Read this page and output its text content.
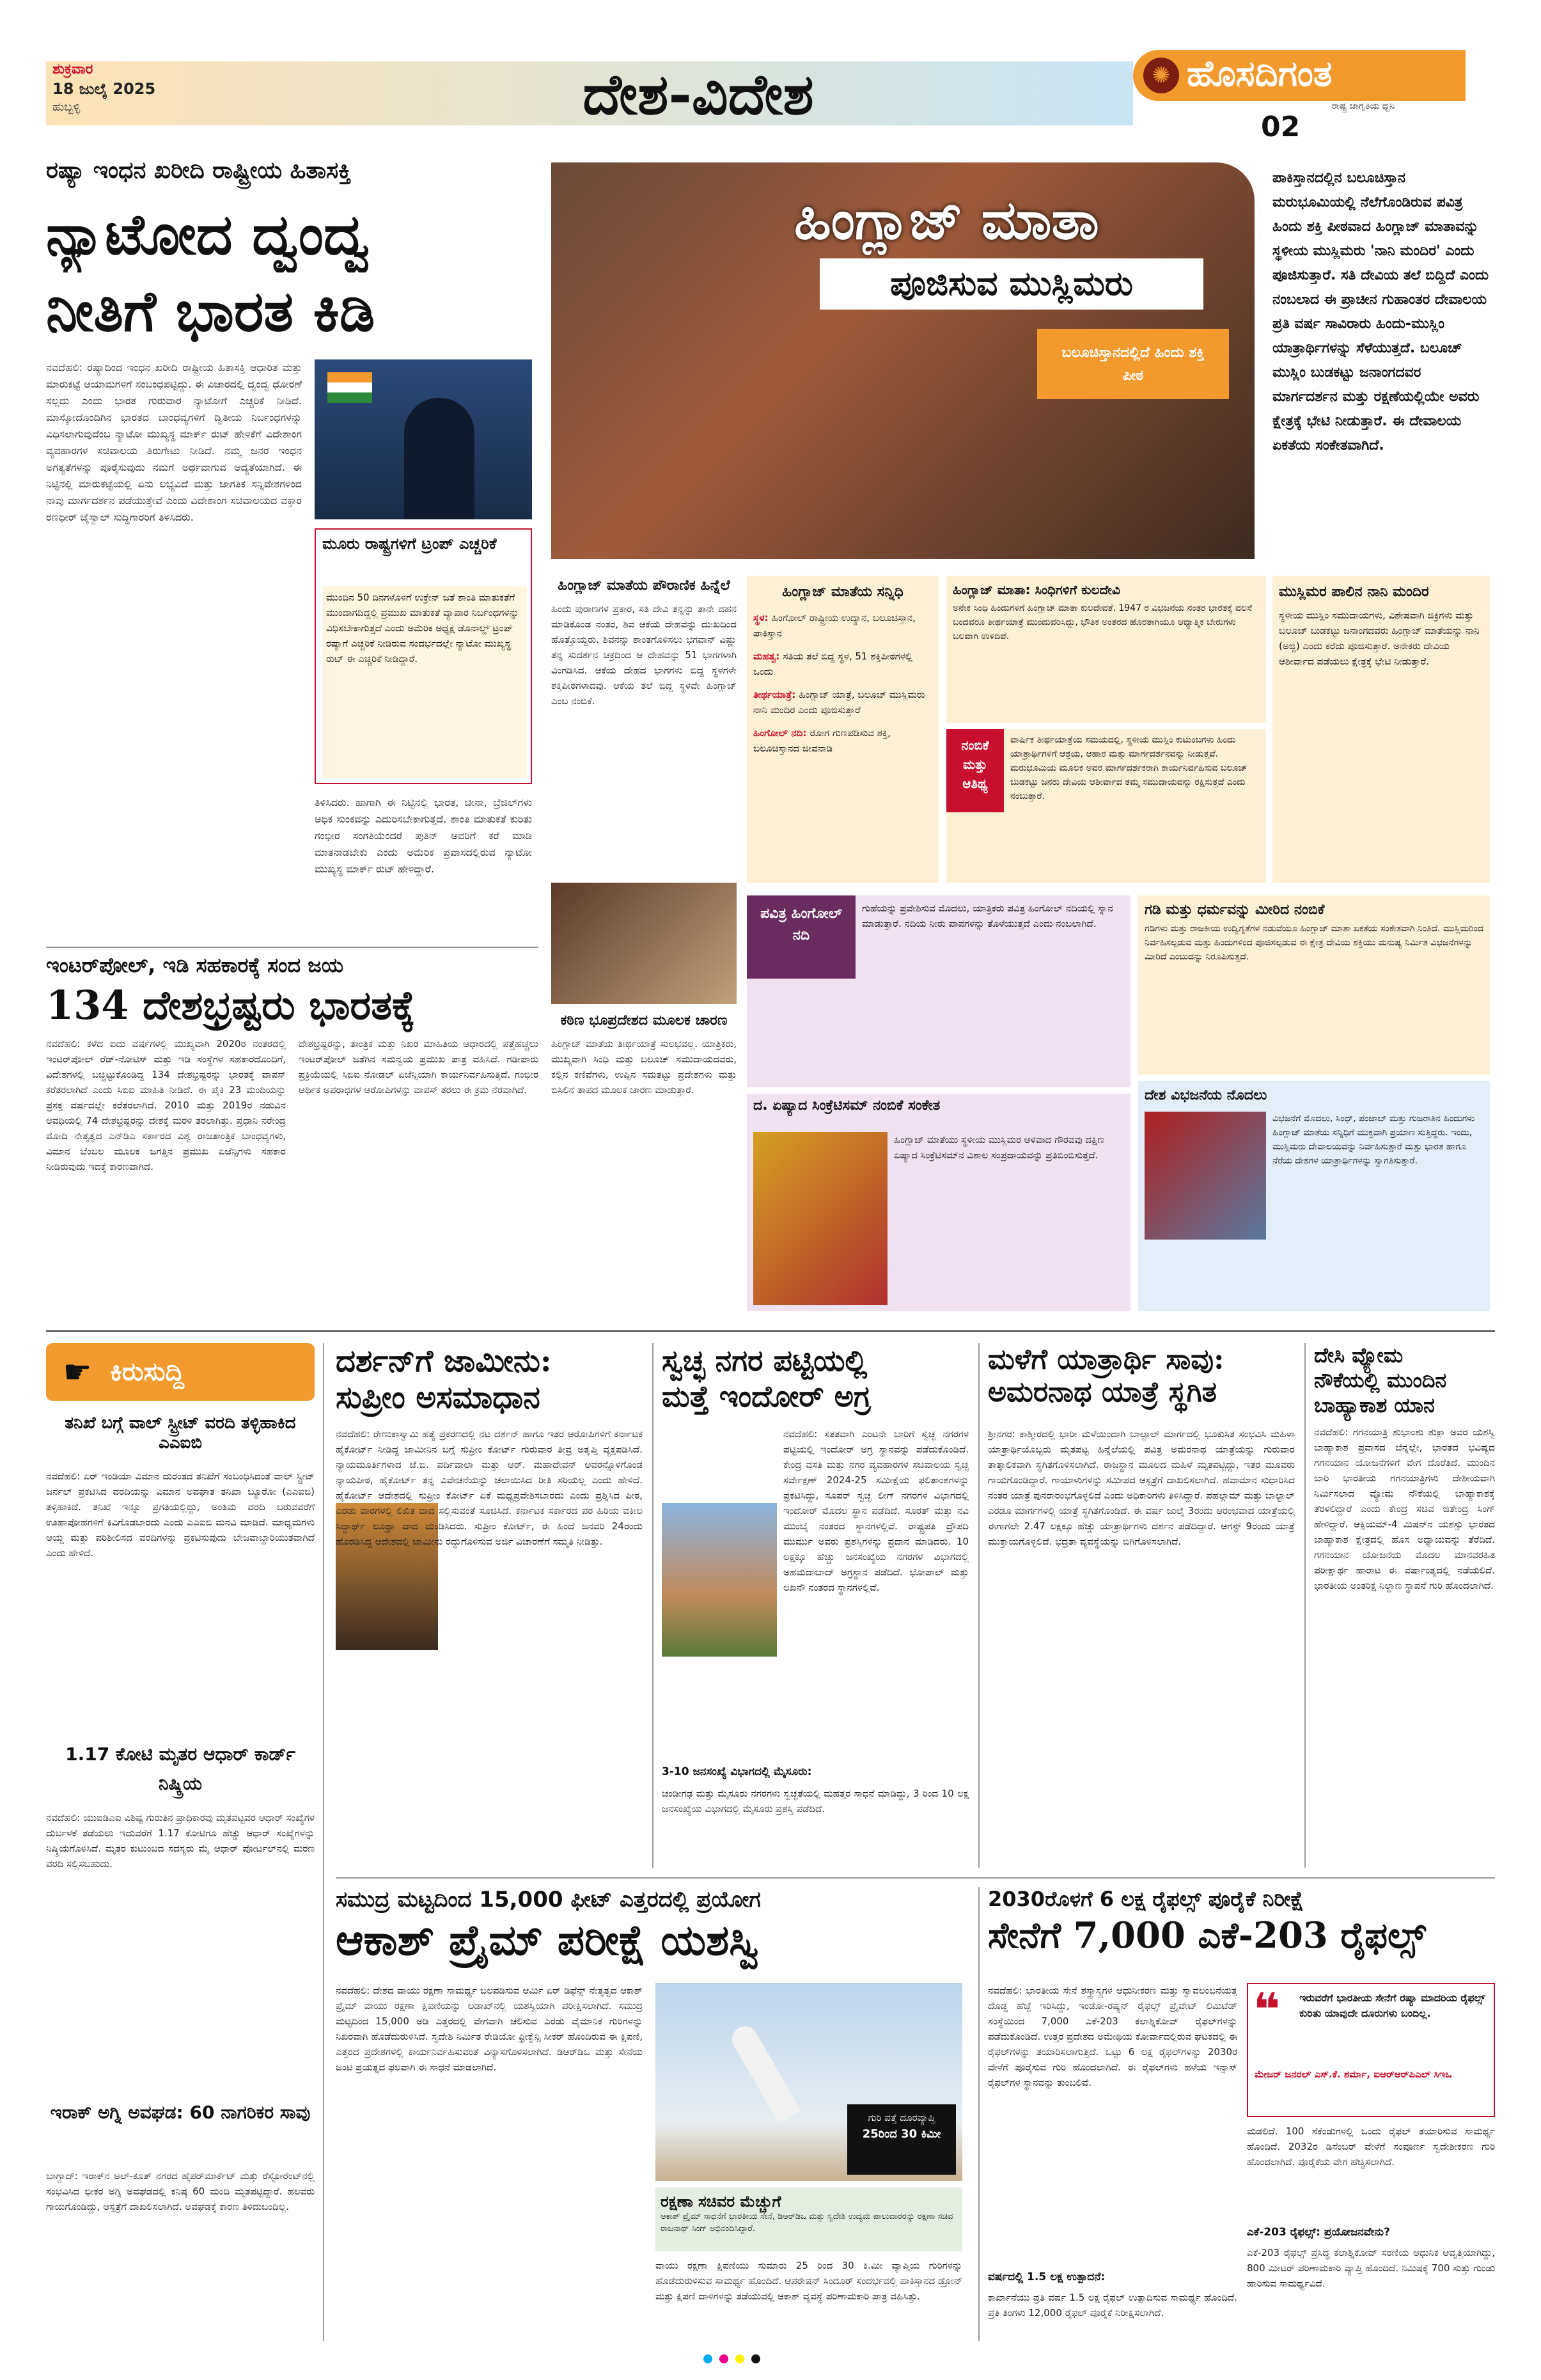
ಶುಕ್ರವಾರ
18 ಜುಲೈ 2025
ಹುಬ್ಬಳ್ಳಿ	ದೇಶ-ವಿದೇಶ	✺ ಹೊಸದಿಗಂತ
ರಾಷ್ಟ್ರ ಜಾಗೃತಿಯ ಧ್ವನಿ
02
ರಷ್ಯಾ ಇಂಧನ ಖರೀದಿ ರಾಷ್ಟ್ರೀಯ ಹಿತಾಸಕ್ತಿ
ನ್ಯಾಟೋದ ದ್ವಂದ್ವ
ನೀತಿಗೆ ಭಾರತ ಕಿಡಿ
ನವದೆಹಲಿ: ರಷ್ಯಾದಿಂದ ಇಂಧನ ಖರೀದಿ ರಾಷ್ಟ್ರೀಯ ಹಿತಾಸಕ್ತಿ ಆಧಾರಿತ ಮತ್ತು ಮಾರುಕಟ್ಟೆ ಆಯಾಮಗಳಿಗೆ ಸಂಬಂಧಪಟ್ಟಿದ್ದು. ಈ ವಿಚಾರದಲ್ಲಿ ದ್ವಂದ್ವ ಧೋರಣೆ ಸಲ್ಲದು ಎಂದು ಭಾರತ ಗುರುವಾರ ನ್ಯಾಟೋಗೆ ಎಚ್ಚರಿಕೆ ನೀಡಿದೆ. ಮಾಸ್ಕೋದೊಂದಿಗಿನ ಭಾರತದ ಬಾಂಧವ್ಯಗಳಿಗೆ ದ್ವಿತೀಯ ನಿರ್ಬಂಧಗಳನ್ನು ವಿಧಿಸಲಾಗುವುದೆಂಬ ನ್ಯಾಟೋ ಮುಖ್ಯಸ್ಥ ಮಾರ್ಕ್ ರುಟ್ ಹೇಳಿಕೆಗೆ ವಿದೇಶಾಂಗ ವ್ಯವಹಾರಗಳ ಸಚಿವಾಲಯ ತಿರುಗೇಟು ನೀಡಿದೆ. ನಮ್ಮ ಜನರ ಇಂಧನ ಅಗತ್ಯತೆಗಳನ್ನು ಪೂರೈಸುವುದು ನಮಗೆ ಅರ್ಥವಾಗುವ ಆದ್ಯತೆಯಾಗಿದೆ. ಈ ನಿಟ್ಟಿನಲ್ಲಿ ಮಾರುಕಟ್ಟೆಯಲ್ಲಿ ಏನು ಲಭ್ಯವಿದೆ ಮತ್ತು ಜಾಗತಿಕ ಸನ್ನಿವೇಶಗಳಿಂದ ನಾವು ಮಾರ್ಗದರ್ಶನ ಪಡೆಯುತ್ತೇವೆ ಎಂದು ವಿದೇಶಾಂಗ ಸಚಿವಾಲಯದ ವಕ್ತಾರ ರಣಧೀರ್ ಜೈಸ್ವಾಲ್ ಸುದ್ದಿಗಾರರಿಗೆ ತಿಳಿಸಿದರು.
ಮೂರು ರಾಷ್ಟ್ರಗಳಿಗೆ ಟ್ರಂಪ್ ಎಚ್ಚರಿಕೆ
ಮುಂದಿನ 50 ದಿನಗಳೊಳಗೆ ಉಕ್ರೇನ್ ಜತೆ ಶಾಂತಿ ಮಾತುಕತೆಗೆ ಮುಂದಾಗದಿದ್ದಲ್ಲಿ ಪ್ರಮುಖ ಮಾತುಕತೆ ವ್ಯಾಪಾರ ನಿರ್ಬಂಧಗಳನ್ನು ವಿಧಿಸಬೇಕಾಗುತ್ತದೆ ಎಂದು ಅಮೆರಿಕ ಅಧ್ಯಕ್ಷ ಡೊನಾಲ್ಡ್ ಟ್ರಂಪ್ ರಷ್ಯಾಗೆ ಎಚ್ಚರಿಕೆ ನೀಡಿರುವ ಸಂದರ್ಭದಲ್ಲೇ ನ್ಯಾಟೋ ಮುಖ್ಯಸ್ಥ ರುಟ್ ಈ ಎಚ್ಚರಿಕೆ ನೀಡಿದ್ದಾರೆ.
ತಿಳಿಸಿದರು. ಹಾಗಾಗಿ ಈ ನಿಟ್ಟಿನಲ್ಲಿ ಭಾರತ, ಚೀನಾ, ಬ್ರೆಜಿಲ್‌ಗಳು ಅಧಿಕ ಸುಂಕವನ್ನು ಎದುರಿಸಬೇಕಾಗುತ್ತದೆ. ಶಾಂತಿ ಮಾತುಕತೆ ಕುರಿತು ಗಂಭೀರ ಸಂಗತಿಯೆಂದರೆ ಪುತಿನ್ ಅವರಿಗೆ ಕರೆ ಮಾಡಿ ಮಾತನಾಡಬೇಕು ಎಂದು ಅಮೆರಿಕ ಪ್ರವಾಸದಲ್ಲಿರುವ ನ್ಯಾಟೋ ಮುಖ್ಯಸ್ಥ ಮಾರ್ಕ್ ರುಟ್ ಹೇಳಿದ್ದಾರೆ.
ಹಿಂಗ್ಲಾಜ್ ಮಾತಾ
ಪೂಜಿಸುವ ಮುಸ್ಲಿಮರು
ಬಲೂಚಿಸ್ತಾನದಲ್ಲಿದೆ ಹಿಂದು ಶಕ್ತಿ ಪೀಠ
ಪಾಕಿಸ್ತಾನದಲ್ಲಿನ ಬಲೂಚಿಸ್ತಾನ ಮರುಭೂಮಿಯಲ್ಲಿ ನೆಲೆಗೊಂಡಿರುವ ಪವಿತ್ರ ಹಿಂದು ಶಕ್ತಿ ಪೀಠವಾದ ಹಿಂಗ್ಲಾಜ್ ಮಾತಾವನ್ನು ಸ್ಥಳೀಯ ಮುಸ್ಲಿಮರು 'ನಾನಿ ಮಂದಿರ' ಎಂದು ಪೂಜಿಸುತ್ತಾರೆ. ಸತಿ ದೇವಿಯ ತಲೆ ಬಿದ್ದಿದೆ ಎಂದು ನಂಬಲಾದ ಈ ಪ್ರಾಚೀನ ಗುಹಾಂತರ ದೇವಾಲಯ ಪ್ರತಿ ವರ್ಷ ಸಾವಿರಾರು ಹಿಂದು-ಮುಸ್ಲಿಂ ಯಾತ್ರಾರ್ಥಿಗಳನ್ನು ಸೆಳೆಯುತ್ತದೆ. ಬಲೂಚ್ ಮುಸ್ಲಿಂ ಬುಡಕಟ್ಟು ಜನಾಂಗದವರ ಮಾರ್ಗದರ್ಶನ ಮತ್ತು ರಕ್ಷಣೆಯಲ್ಲಿಯೇ ಅವರು ಕ್ಷೇತ್ರಕ್ಕೆ ಭೇಟಿ ನೀಡುತ್ತಾರೆ. ಈ ದೇವಾಲಯ ಏಕತೆಯ ಸಂಕೇತವಾಗಿದೆ.
ಹಿಂಗ್ಲಾಜ್ ಮಾತೆಯ ಪೌರಾಣಿಕ ಹಿನ್ನೆಲೆ
ಹಿಂದು ಪುರಾಣಗಳ ಪ್ರಕಾರ, ಸತಿ ದೇವಿ ತನ್ನನ್ನು ತಾನೇ ದಹನ ಮಾಡಿಕೊಂಡ ನಂತರ, ಶಿವ ಆಕೆಯ ದೇಹವನ್ನು ದುಃಖದಿಂದ ಹೊತ್ತೊಯ್ದರು. ಶಿವನನ್ನು ಶಾಂತಗೊಳಿಸಲು ಭಗವಾನ್ ವಿಷ್ಣು ತನ್ನ ಸುದರ್ಶನ ಚಕ್ರದಿಂದ ಆ ದೇಹವನ್ನು 51 ಭಾಗಗಳಾಗಿ ವಿಂಗಡಿಸಿದ. ಆಕೆಯ ದೇಹದ ಭಾಗಗಳು ಬಿದ್ದ ಸ್ಥಳಗಳೇ ಶಕ್ತಿಪೀಠಗಳಾದವು. ಆಕೆಯ ತಲೆ ಬಿದ್ದ ಸ್ಥಳವೇ ಹಿಂಗ್ಲಾಜ್ ಎಂಬ ನಂಬಿಕೆ.
ಕಠಿಣ ಭೂಪ್ರದೇಶದ ಮೂಲಕ ಚಾರಣ
ಹಿಂಗ್ಲಾಜ್ ಮಾತೆಯ ತೀರ್ಥಯಾತ್ರೆ ಸುಲಭವಲ್ಲ. ಯಾತ್ರಿಕರು, ಮುಖ್ಯವಾಗಿ ಸಿಂಧಿ ಮತ್ತು ಬಲೂಚ್ ಸಮುದಾಯದವರು, ಕಲ್ಲಿನ ಕಣಿವೆಗಳು, ಉಪ್ಪಿನ ಸಮತಟ್ಟು ಪ್ರದೇಶಗಳು ಮತ್ತು ಬಿಸಿಲಿನ ತಾಪದ ಮೂಲಕ ಚಾರಣ ಮಾಡುತ್ತಾರೆ.
ಹಿಂಗ್ಲಾಜ್ ಮಾತೆಯ ಸನ್ನಿಧಿ
ಸ್ಥಳ: ಹಿಂಗೋಲ್ ರಾಷ್ಟ್ರೀಯ ಉದ್ಯಾನ, ಬಲೂಚಿಸ್ತಾನ, ಪಾಕಿಸ್ತಾನ
ಮಹತ್ವ: ಸತಿಯ ತಲೆ ಬಿದ್ದ ಸ್ಥಳ, 51 ಶಕ್ತಿಪೀಠಗಳಲ್ಲಿ ಒಂದು
ತೀರ್ಥಯಾತ್ರೆ: ಹಿಂಗ್ಲಾಜ್ ಯಾತ್ರೆ, ಬಲೂಚ್ ಮುಸ್ಲಿಮರು ನಾನಿ ಮಂದಿರ ಎಂದು ಪೂಜಿಸುತ್ತಾರೆ
ಹಿಂಗೋಲ್ ನದಿ: ರೋಗ ಗುಣಪಡಿಸುವ ಶಕ್ತಿ, ಬಲೂಚಿಸ್ತಾನದ ಜೀವನಾಡಿ
ಹಿಂಗ್ಲಾಜ್ ಮಾತಾ: ಸಿಂಧಿಗಳಿಗೆ ಕುಲದೇವಿ
ಅನೇಕ ಸಿಂಧಿ ಹಿಂದುಗಳಿಗೆ ಹಿಂಗ್ಲಾಜ್ ಮಾತಾ ಕುಲದೇವತೆ. 1947 ರ ವಿಭಜನೆಯ ನಂತರ ಭಾರತಕ್ಕೆ ವಲಸೆ ಬಂದವರೂ ತೀರ್ಥಯಾತ್ರೆ ಮುಂದುವರಿಸಿದ್ದು, ಭೌತಿಕ ಅಂತರದ ಹೊರತಾಗಿಯೂ ಆಧ್ಯಾತ್ಮಿಕ ಬೇರುಗಳು ಬಲವಾಗಿ ಉಳಿದಿವೆ.
ನಂಬಿಕೆ ಮತ್ತು ಆತಿಥ್ಯ
ವಾರ್ಷಿಕ ತೀರ್ಥಯಾತ್ರೆಯ ಸಮಯದಲ್ಲಿ, ಸ್ಥಳೀಯ ಮುಸ್ಲಿಂ ಕುಟುಂಬಗಳು ಹಿಂದು ಯಾತ್ರಾರ್ಥಿಗಳಿಗೆ ಆಶ್ರಯ, ಆಹಾರ ಮತ್ತು ಮಾರ್ಗದರ್ಶನವನ್ನು ನೀಡುತ್ತವೆ. ಮರುಭೂಮಿಯ ಮೂಲಕ ಅವರ ಮಾರ್ಗದರ್ಶಕರಾಗಿ ಕಾರ್ಯನಿರ್ವಹಿಸುವ ಬಲೂಚ್ ಬುಡಕಟ್ಟು ಜನರು ದೇವಿಯ ಆಶೀರ್ವಾದ ತಮ್ಮ ಸಮುದಾಯವನ್ನು ರಕ್ಷಿಸುತ್ತದೆ ಎಂದು ನಂಬುತ್ತಾರೆ.
ಮುಸ್ಲಿಮರ ಪಾಲಿನ ನಾನಿ ಮಂದಿರ
ಸ್ಥಳೀಯ ಮುಸ್ಲಿಂ ಸಮುದಾಯಗಳು, ವಿಶೇಷವಾಗಿ ಜಿಕ್ರಿಗಳು ಮತ್ತು ಬಲೂಚ್ ಬುಡಕಟ್ಟು ಜನಾಂಗದವರು ಹಿಂಗ್ಲಾಜ್ ಮಾತೆಯನ್ನು ನಾನಿ (ಅಜ್ಜಿ) ಎಂದು ಕರೆದು ಪೂಜಿಸುತ್ತಾರೆ. ಅನೇಕರು ದೇವಿಯ ಆಶೀರ್ವಾದ ಪಡೆಯಲು ಕ್ಷೇತ್ರಕ್ಕೆ ಭೇಟಿ ನೀಡುತ್ತಾರೆ.
ಪವಿತ್ರ ಹಿಂಗೋಲ್ ನದಿ
ಗುಹೆಯನ್ನು ಪ್ರವೇಶಿಸುವ ಮೊದಲು, ಯಾತ್ರಿಕರು ಪವಿತ್ರ ಹಿಂಗೋಲ್ ನದಿಯಲ್ಲಿ ಸ್ನಾನ ಮಾಡುತ್ತಾರೆ. ನದಿಯ ನೀರು ಪಾಪಗಳನ್ನು ತೊಳೆಯುತ್ತದೆ ಎಂದು ನಂಬಲಾಗಿದೆ.
ದ. ಏಷ್ಯಾದ ಸಿಂಕ್ರೆಟಿಸಮ್ ನಂಬಿಕೆ ಸಂಕೇತ
ಹಿಂಗ್ಲಾಜ್ ಮಾತೆಯು ಸ್ಥಳೀಯ ಮುಸ್ಲಿಮರ ಆಳವಾದ ಗೌರವವು ದಕ್ಷಿಣ ಏಷ್ಯಾದ ಸಿಂಕ್ರೆಟಿಸಮ್‌ನ ವಿಶಾಲ ಸಂಪ್ರದಾಯವನ್ನು ಪ್ರತಿಬಿಂಬಿಸುತ್ತದೆ.
ಗಡಿ ಮತ್ತು ಧರ್ಮವನ್ನು ಮೀರಿದ ನಂಬಿಕೆ
ಗಡಿಗಳು ಮತ್ತು ರಾಜಕೀಯ ಉದ್ವಿಗ್ನತೆಗಳ ನಡುವೆಯೂ ಹಿಂಗ್ಲಾಜ್ ಮಾತಾ ಏಕತೆಯ ಸಂಕೇತವಾಗಿ ನಿಂತಿದೆ. ಮುಸ್ಲಿಮರಿಂದ ನಿರ್ವಹಿಸಲ್ಪಡುವ ಮತ್ತು ಹಿಂದುಗಳಿಂದ ಪೂಜಿಸಲ್ಪಡುವ ಈ ಕ್ಷೇತ್ರ ದೇವಿಯ ಶಕ್ತಿಯು ಮನುಷ್ಯ ನಿರ್ಮಿತ ವಿಭಜನೆಗಳನ್ನು ಮೀರಿದೆ ಎಂಬುದನ್ನು ನಿರೂಪಿಸುತ್ತದೆ.
ದೇಶ ವಿಭಜನೆಯ ನೊದಲು
ವಿಭಜನೆಗೆ ಮೊದಲು, ಸಿಂಧ್, ಪಂಜಾಬ್ ಮತ್ತು ಗುಜರಾತಿನ ಹಿಂದುಗಳು ಹಿಂಗ್ಲಾಜ್ ಮಾತೆಯ ಸನ್ನಿಧಿಗೆ ಮುಕ್ತವಾಗಿ ಪ್ರಯಾಣ ಸುತ್ತಿದ್ದರು. ಇಂದು, ಮುಸ್ಲಿಮರು ದೇವಾಲಯವನ್ನು ನಿರ್ವಹಿಸುತ್ತಾರೆ ಮತ್ತು ಭಾರತ ಹಾಗೂ ನೆರೆಯ ದೇಶಗಳ ಯಾತ್ರಾರ್ಥಿಗಳನ್ನು ಸ್ವಾಗತಿಸುತ್ತಾರೆ.
ಇಂಟರ್‌ಪೋಲ್, ಇಡಿ ಸಹಕಾರಕ್ಕೆ ಸಂದ ಜಯ
134 ದೇಶಭ್ರಷ್ಟರು ಭಾರತಕ್ಕೆ
ನವದೆಹಲಿ: ಕಳೆದ ಐದು ವರ್ಷಗಳಲ್ಲಿ ಮುಖ್ಯವಾಗಿ 2020ರ ನಂತರದಲ್ಲಿ ಇಂಟರ್‌ಪೋಲ್ ರೆಡ್-ನೋಟಿಸ್ ಮತ್ತು ಇಡಿ ಸಂಸ್ಥೆಗಳ ಸಹಕಾರದೊಂದಿಗೆ, ವಿದೇಶಗಳಲ್ಲಿ ಬಚ್ಚಿಟ್ಟುಕೊಂಡಿದ್ದ 134 ದೇಶಭ್ರಷ್ಟರನ್ನು ಭಾರತಕ್ಕೆ ವಾಪಸ್ ಕರೆತರಲಾಗಿದೆ ಎಂದು ಸಿಬಿಐ ಮಾಹಿತಿ ನೀಡಿದೆ. ಈ ಪೈಕಿ 23 ಮಂದಿಯನ್ನು ಪ್ರಸಕ್ತ ವರ್ಷದಲ್ಲೇ ಕರೆತರಲಾಗಿದೆ. 2010 ಮತ್ತು 2019ರ ನಡುವಿನ ಅವಧಿಯಲ್ಲಿ 74 ದೇಶಭ್ರಷ್ಟರನ್ನು ದೇಶಕ್ಕೆ ಮರಳಿ ತರಲಾಗಿತ್ತು. ಪ್ರಧಾನಿ ನರೇಂದ್ರ ಮೋದಿ ನೇತೃತ್ವದ ಎನ್‌ಡಿಎ ಸರ್ಕಾರದ ವಿಶ್ವ ರಾಜತಾಂತ್ರಿಕ ಬಾಂಧವ್ಯಗಳು, ವಿಮಾನ ಬೆಂಬಲ ಮೂಲಕ ಜಗತ್ತಿನ ಪ್ರಮುಖ ಏಜೆನ್ಸಿಗಳು ಸಹಕಾರ ನೀಡಿರುವುದು ಇದಕ್ಕೆ ಕಾರಣವಾಗಿದೆ.
ದೇಶಭ್ರಷ್ಟರನ್ನು, ತಾಂತ್ರಿಕ ಮತ್ತು ನಿಖರ ಮಾಹಿತಿಯ ಆಧಾರದಲ್ಲಿ ಪತ್ತೆಹಚ್ಚಲು ಇಂಟರ್‌ಪೋಲ್ ಜತೆಗಿನ ಸಮನ್ವಯ ಪ್ರಮುಖ ಪಾತ್ರ ವಹಿಸಿದೆ. ಗಡೀಪಾರು ಪ್ರಕ್ರಿಯೆಯಲ್ಲಿ ಸಿಬಿಐ ನೋಡಲ್ ಏಜೆನ್ಸಿಯಾಗಿ ಕಾರ್ಯನಿರ್ವಹಿಸುತ್ತಿದೆ. ಗಂಭೀರ ಆರ್ಥಿಕ ಅಪರಾಧಗಳ ಆರೋಪಿಗಳನ್ನು ವಾಪಸ್ ತರಲು ಈ ಕ್ರಮ ನೆರವಾಗಿದೆ.
☛ ಕಿರುಸುದ್ದಿ
ತನಿಖೆ ಬಗ್ಗೆ ವಾಲ್ ಸ್ಟ್ರೀಟ್ ವರದಿ ತಳ್ಳಿಹಾಕಿದ ಎಎಐಬಿ
ನವದೆಹಲಿ: ಏರ್ ಇಂಡಿಯಾ ವಿಮಾನ ದುರಂತದ ತನಿಖೆಗೆ ಸಂಬಂಧಿಸಿದಂತೆ ವಾಲ್ ಸ್ಟ್ರೀಟ್ ಜರ್ನಲ್ ಪ್ರಕಟಿಸಿದ ವರದಿಯನ್ನು ವಿಮಾನ ಅಪಘಾತ ತನಿಖಾ ಬ್ಯೂರೋ (ಎಎಐಬಿ) ತಳ್ಳಿಹಾಕಿದೆ. ತನಿಖೆ ಇನ್ನೂ ಪ್ರಗತಿಯಲ್ಲಿದ್ದು, ಅಂತಿಮ ವರದಿ ಬರುವವರೆಗೆ ಊಹಾಪೋಹಗಳಿಗೆ ಕಿವಿಗೊಡಬಾರದು ಎಂದು ಎಎಐಬಿ ಮನವಿ ಮಾಡಿದೆ. ಮಾಧ್ಯಮಗಳು ಆಯ್ದ ಮತ್ತು ಪರಿಶೀಲಿಸದ ವರದಿಗಳನ್ನು ಪ್ರಕಟಿಸುವುದು ಬೇಜವಾಬ್ದಾರಿಯುತವಾಗಿದೆ ಎಂದು ಹೇಳಿದೆ.
1.17 ಕೋಟಿ ಮೃತರ ಆಧಾರ್ ಕಾರ್ಡ್ ನಿಷ್ಕ್ರಿಯ
ನವದೆಹಲಿ: ಯುಐಡಿಎಐ ವಿಶಿಷ್ಟ ಗುರುತಿನ ಪ್ರಾಧಿಕಾರವು ಮೃತಪಟ್ಟವರ ಆಧಾರ್ ಸಂಖ್ಯೆಗಳ ದುರ್ಬಳಕೆ ತಡೆಯಲು ಇದುವರೆಗೆ 1.17 ಕೋಟಿಗೂ ಹೆಚ್ಚು ಆಧಾರ್ ಸಂಖ್ಯೆಗಳನ್ನು ನಿಷ್ಕ್ರಿಯಗೊಳಿಸಿದೆ. ಮೃತರ ಕುಟುಂಬದ ಸದಸ್ಯರು ಮೈ ಆಧಾರ್ ಪೋರ್ಟಲ್‌ನಲ್ಲಿ ಮರಣ ವರದಿ ಸಲ್ಲಿಸಬಹುದು.
ಇರಾಕ್ ಅಗ್ನಿ ಅವಘಡ: 60 ನಾಗರಿಕರ ಸಾವು
ಬಾಗ್ದಾದ್: ಇರಾಕ್‌ನ ಅಲ್-ಕೂತ್ ನಗರದ ಹೈಪರ್‌ಮಾರ್ಕೆಟ್ ಮತ್ತು ರೆಸ್ಟೋರೆಂಟ್‌ನಲ್ಲಿ ಸಂಭವಿಸಿದ ಭೀಕರ ಅಗ್ನಿ ಅವಘಡದಲ್ಲಿ ಕನಿಷ್ಠ 60 ಮಂದಿ ಮೃತಪಟ್ಟಿದ್ದಾರೆ. ಹಲವರು ಗಾಯಗೊಂಡಿದ್ದು, ಆಸ್ಪತ್ರೆಗೆ ದಾಖಲಿಸಲಾಗಿದೆ. ಅವಘಡಕ್ಕೆ ಕಾರಣ ತಿಳಿದುಬಂದಿಲ್ಲ.
ದರ್ಶನ್‌ಗೆ ಜಾಮೀನು:
ಸುಪ್ರೀಂ ಅಸಮಾಧಾನ
ನವದೆಹಲಿ: ರೇಣುಕಾಸ್ವಾಮಿ ಹತ್ಯೆ ಪ್ರಕರಣದಲ್ಲಿ ನಟ ದರ್ಶನ್ ಹಾಗೂ ಇತರ ಆರೋಪಿಗಳಿಗೆ ಕರ್ನಾಟಕ ಹೈಕೋರ್ಟ್ ನೀಡಿದ್ದ ಜಾಮೀನಿನ ಬಗ್ಗೆ ಸುಪ್ರೀಂ ಕೋರ್ಟ್ ಗುರುವಾರ ತೀವ್ರ ಅತೃಪ್ತಿ ವ್ಯಕ್ತಪಡಿಸಿದೆ. ನ್ಯಾಯಮೂರ್ತಿಗಳಾದ ಜೆ.ಬಿ. ಪರ್ದಿವಾಲಾ ಮತ್ತು ಆರ್. ಮಹಾದೇವನ್ ಅವರನ್ನೊಳಗೊಂಡ ನ್ಯಾಯಪೀಠ, ಹೈಕೋರ್ಟ್ ತನ್ನ ವಿವೇಚನೆಯನ್ನು ಚಲಾಯಿಸಿದ ರೀತಿ ಸರಿಯಲ್ಲ ಎಂದು ಹೇಳಿದೆ. ಹೈಕೋರ್ಟ್ ಆದೇಶದಲ್ಲಿ ಸುಪ್ರೀಂ ಕೋರ್ಟ್ ಏಕೆ ಮಧ್ಯಪ್ರವೇಶಿಸಬಾರದು ಎಂದು ಪ್ರಶ್ನಿಸಿದ ಪೀಠ, ಎರಡು ವಾರಗಳಲ್ಲಿ ಲಿಖಿತ ವಾದ ಸಲ್ಲಿಸುವಂತೆ ಸೂಚಿಸಿದೆ. ಕರ್ನಾಟಕ ಸರ್ಕಾರದ ಪರ ಹಿರಿಯ ವಕೀಲ ಸಿದ್ಧಾರ್ಥ್ ಲೂಥ್ರಾ ವಾದ ಮಂಡಿಸಿದರು. ಸುಪ್ರೀಂ ಕೋರ್ಟ್, ಈ ಹಿಂದೆ ಜನವರಿ 24ರಂದು ಹೊರಡಿಸಿದ್ದ ಆದೇಶದಲ್ಲಿ ಜಾಮೀನು ರದ್ದುಗೊಳಿಸುವ ಅರ್ಜಿ ವಿಚಾರಣೆಗೆ ಸಮ್ಮತಿ ನೀಡಿತ್ತು.
ಸ್ವಚ್ಛ ನಗರ ಪಟ್ಟಿಯಲ್ಲಿ
ಮತ್ತೆ ಇಂದೋರ್ ಅಗ್ರ
ನವದೆಹಲಿ: ಸತತವಾಗಿ ಎಂಟನೇ ಬಾರಿಗೆ ಸ್ವಚ್ಛ ನಗರಗಳ ಪಟ್ಟಿಯಲ್ಲಿ ಇಂದೋರ್ ಅಗ್ರ ಸ್ಥಾನವನ್ನು ಪಡೆದುಕೊಂಡಿದೆ. ಕೇಂದ್ರ ವಸತಿ ಮತ್ತು ನಗರ ವ್ಯವಹಾರಗಳ ಸಚಿವಾಲಯ ಸ್ವಚ್ಛ ಸರ್ವೇಕ್ಷಣ್ 2024-25 ಸಮೀಕ್ಷೆಯ ಫಲಿತಾಂಶಗಳನ್ನು ಪ್ರಕಟಿಸಿದ್ದು, ಸೂಪರ್ ಸ್ವಚ್ಛ ಲೀಗ್ ನಗರಗಳ ವಿಭಾಗದಲ್ಲಿ ಇಂದೋರ್ ಮೊದಲ ಸ್ಥಾನ ಪಡೆದಿದೆ. ಸೂರತ್ ಮತ್ತು ನವಿ ಮುಂಬೈ ನಂತರದ ಸ್ಥಾನಗಳಲ್ಲಿವೆ. ರಾಷ್ಟ್ರಪತಿ ದ್ರೌಪದಿ ಮುರ್ಮು ಅವರು ಪ್ರಶಸ್ತಿಗಳನ್ನು ಪ್ರದಾನ ಮಾಡಿದರು. 10 ಲಕ್ಷಕ್ಕೂ ಹೆಚ್ಚು ಜನಸಂಖ್ಯೆಯ ನಗರಗಳ ವಿಭಾಗದಲ್ಲಿ ಅಹಮದಾಬಾದ್ ಅಗ್ರಸ್ಥಾನ ಪಡೆದಿದೆ. ಭೋಪಾಲ್ ಮತ್ತು ಲಖನೌ ನಂತರದ ಸ್ಥಾನಗಳಲ್ಲಿವೆ.
3-10 ಜನಸಂಖ್ಯೆ ವಿಭಾಗದಲ್ಲಿ ಮೈಸೂರು:
ಚಂಡೀಗಢ ಮತ್ತು ಮೈಸೂರು ನಗರಗಳು ಸ್ವಚ್ಛತೆಯಲ್ಲಿ ಮಹತ್ತರ ಸಾಧನೆ ಮಾಡಿದ್ದು, 3 ರಿಂದ 10 ಲಕ್ಷ ಜನಸಂಖ್ಯೆಯ ವಿಭಾಗದಲ್ಲಿ ಮೈಸೂರು ಪ್ರಶಸ್ತಿ ಪಡೆದಿದೆ.
ಮಳೆಗೆ ಯಾತ್ರಾರ್ಥಿ ಸಾವು:
ಅಮರನಾಥ ಯಾತ್ರೆ ಸ್ಥಗಿತ
ಶ್ರೀನಗರ: ಕಾಶ್ಮೀರದಲ್ಲಿ ಭಾರೀ ಮಳೆಯಿಂದಾಗಿ ಬಾಲ್ಟಾಲ್ ಮಾರ್ಗದಲ್ಲಿ ಭೂಕುಸಿತ ಸಂಭವಿಸಿ ಮಹಿಳಾ ಯಾತ್ರಾರ್ಥಿಯೊಬ್ಬರು ಮೃತಪಟ್ಟ ಹಿನ್ನೆಲೆಯಲ್ಲಿ ಪವಿತ್ರ ಅಮರನಾಥ ಯಾತ್ರೆಯನ್ನು ಗುರುವಾರ ತಾತ್ಕಾಲಿಕವಾಗಿ ಸ್ಥಗಿತಗೊಳಿಸಲಾಗಿದೆ. ರಾಜಸ್ಥಾನ ಮೂಲದ ಮಹಿಳೆ ಮೃತಪಟ್ಟಿದ್ದು, ಇತರ ಮೂವರು ಗಾಯಗೊಂಡಿದ್ದಾರೆ. ಗಾಯಾಳುಗಳನ್ನು ಸಮೀಪದ ಆಸ್ಪತ್ರೆಗೆ ದಾಖಲಿಸಲಾಗಿದೆ. ಹವಾಮಾನ ಸುಧಾರಿಸಿದ ನಂತರ ಯಾತ್ರೆ ಪುನರಾರಂಭಗೊಳ್ಳಲಿದೆ ಎಂದು ಅಧಿಕಾರಿಗಳು ತಿಳಿಸಿದ್ದಾರೆ. ಪಹಲ್ಗಾಮ್ ಮತ್ತು ಬಾಲ್ಟಾಲ್ ಎರಡೂ ಮಾರ್ಗಗಳಲ್ಲಿ ಯಾತ್ರೆ ಸ್ಥಗಿತಗೊಂಡಿದೆ. ಈ ವರ್ಷ ಜುಲೈ 3ರಂದು ಆರಂಭವಾದ ಯಾತ್ರೆಯಲ್ಲಿ ಈಗಾಗಲೇ 2.47 ಲಕ್ಷಕ್ಕೂ ಹೆಚ್ಚು ಯಾತ್ರಾರ್ಥಿಗಳು ದರ್ಶನ ಪಡೆದಿದ್ದಾರೆ. ಆಗಸ್ಟ್ 9ರಂದು ಯಾತ್ರೆ ಮುಕ್ತಾಯಗೊಳ್ಳಲಿದೆ. ಭದ್ರತಾ ವ್ಯವಸ್ಥೆಯನ್ನು ಬಿಗಿಗೊಳಿಸಲಾಗಿದೆ.
ದೇಸಿ ವ್ಯೋಮ
ನೌಕೆಯಲ್ಲಿ ಮುಂದಿನ
ಬಾಹ್ಯಾಕಾಶ ಯಾನ
ನವದೆಹಲಿ: ಗಗನಯಾತ್ರಿ ಶುಭಾಂಶು ಶುಕ್ಲಾ ಅವರ ಯಶಸ್ವಿ ಬಾಹ್ಯಾಕಾಶ ಪ್ರವಾಸದ ಬೆನ್ನಲ್ಲೇ, ಭಾರತದ ಭವಿಷ್ಯದ ಗಗನಯಾನ ಯೋಜನೆಗಳಿಗೆ ವೇಗ ದೊರೆತಿದೆ. ಮುಂದಿನ ಬಾರಿ ಭಾರತೀಯ ಗಗನಯಾತ್ರಿಗಳು ದೇಶೀಯವಾಗಿ ನಿರ್ಮಿಸಲಾದ ವ್ಯೋಮ ನೌಕೆಯಲ್ಲಿ ಬಾಹ್ಯಾಕಾಶಕ್ಕೆ ತೆರಳಲಿದ್ದಾರೆ ಎಂದು ಕೇಂದ್ರ ಸಚಿವ ಜಿತೇಂದ್ರ ಸಿಂಗ್ ಹೇಳಿದ್ದಾರೆ. ಆಕ್ಸಿಯಮ್-4 ಮಿಷನ್‌ನ ಯಶಸ್ಸು ಭಾರತದ ಬಾಹ್ಯಾಕಾಶ ಕ್ಷೇತ್ರದಲ್ಲಿ ಹೊಸ ಅಧ್ಯಾಯವನ್ನು ತೆರೆದಿದೆ. ಗಗನಯಾನ ಯೋಜನೆಯ ಮೊದಲ ಮಾನವರಹಿತ ಪರೀಕ್ಷಾರ್ಥ ಹಾರಾಟ ಈ ವರ್ಷಾಂತ್ಯದಲ್ಲಿ ನಡೆಯಲಿದೆ. ಭಾರತೀಯ ಅಂತರಿಕ್ಷ ನಿಲ್ದಾಣ ಸ್ಥಾಪನೆ ಗುರಿ ಹೊಂದಲಾಗಿದೆ.
ಸಮುದ್ರ ಮಟ್ಟದಿಂದ 15,000 ಫೀಟ್ ಎತ್ತರದಲ್ಲಿ ಪ್ರಯೋಗ
ಆಕಾಶ್ ಪ್ರೈಮ್ ಪರೀಕ್ಷೆ ಯಶಸ್ವಿ
ನವದೆಹಲಿ: ದೇಶದ ವಾಯು ರಕ್ಷಣಾ ಸಾಮರ್ಥ್ಯ ಬಲಪಡಿಸುವ ಆರ್ಮಿ ಏರ್ ಡಿಫೆನ್ಸ್ ನೇತೃತ್ವದ ಆಕಾಶ್ ಪ್ರೈಮ್ ವಾಯು ರಕ್ಷಣಾ ಕ್ಷಿಪಣಿಯನ್ನು ಲಡಾಖ್‌ನಲ್ಲಿ ಯಶಸ್ವಿಯಾಗಿ ಪರೀಕ್ಷಿಸಲಾಗಿದೆ. ಸಮುದ್ರ ಮಟ್ಟದಿಂದ 15,000 ಅಡಿ ಎತ್ತರದಲ್ಲಿ ವೇಗವಾಗಿ ಚಲಿಸುವ ಎರಡು ವೈಮಾನಿಕ ಗುರಿಗಳನ್ನು ನಿಖರವಾಗಿ ಹೊಡೆದುರುಳಿಸಿದೆ. ಸ್ವದೇಶಿ ನಿರ್ಮಿತ ರೇಡಿಯೋ ಫ್ರೀಕ್ವೆನ್ಸಿ ಸೀಕರ್ ಹೊಂದಿರುವ ಈ ಕ್ಷಿಪಣಿ, ಎತ್ತರದ ಪ್ರದೇಶಗಳಲ್ಲಿ ಕಾರ್ಯನಿರ್ವಹಿಸುವಂತೆ ವಿನ್ಯಾಸಗೊಳಿಸಲಾಗಿದೆ. ಡಿಆರ್‌ಡಿಒ ಮತ್ತು ಸೇನೆಯ ಜಂಟಿ ಪ್ರಯತ್ನದ ಫಲವಾಗಿ ಈ ಸಾಧನೆ ಮಾಡಲಾಗಿದೆ.
ಗುರಿ ಪತ್ತೆ ದೂರವ್ಯಾಪ್ತಿ
25ರಿಂದ 30 ಕಿಮೀ
ರಕ್ಷಣಾ ಸಚಿವರ ಮೆಚ್ಚುಗೆ
ಆಕಾಶ್ ಪ್ರೈಮ್ ಸಾಧನೆಗೆ ಭಾರತೀಯ ಸೇನೆ, ಡಿಆರ್‌ಡಿಒ ಮತ್ತು ಸ್ವದೇಶಿ ಉದ್ಯಮ ಪಾಲುದಾರರನ್ನು ರಕ್ಷಣಾ ಸಚಿವ ರಾಜನಾಥ್ ಸಿಂಗ್ ಅಭಿನಂದಿಸಿದ್ದಾರೆ.
ವಾಯು ರಕ್ಷಣಾ ಕ್ಷಿಪಣಿಯು ಸುಮಾರು 25 ರಿಂದ 30 ಕಿ.ಮೀ ವ್ಯಾಪ್ತಿಯ ಗುರಿಗಳನ್ನು ಹೊಡೆದುರುಳಿಸುವ ಸಾಮರ್ಥ್ಯ ಹೊಂದಿದೆ. ಆಪರೇಷನ್ ಸಿಂದೂರ್ ಸಂದರ್ಭದಲ್ಲಿ ಪಾಕಿಸ್ತಾನದ ಡ್ರೋನ್ ಮತ್ತು ಕ್ಷಿಪಣಿ ದಾಳಿಗಳನ್ನು ತಡೆಯುವಲ್ಲಿ ಆಕಾಶ್ ವ್ಯವಸ್ಥೆ ಪರಿಣಾಮಕಾರಿ ಪಾತ್ರ ವಹಿಸಿತ್ತು.
2030ರೊಳಗೆ 6 ಲಕ್ಷ ರೈಫಲ್ಸ್ ಪೂರೈಕೆ ನಿರೀಕ್ಷೆ
ಸೇನೆಗೆ 7,000 ಎಕೆ-203 ರೈಫಲ್ಸ್
ನವದೆಹಲಿ: ಭಾರತೀಯ ಸೇನೆ ಶಸ್ತ್ರಾಸ್ತ್ರಗಳ ಆಧುನೀಕರಣ ಮತ್ತು ಸ್ವಾವಲಂಬನೆಯತ್ತ ದೊಡ್ಡ ಹೆಜ್ಜೆ ಇರಿಸಿದ್ದು, ಇಂಡೋ-ರಷ್ಯನ್ ರೈಫಲ್ಸ್ ಪ್ರೈವೇಟ್ ಲಿಮಿಟೆಡ್ ಸಂಸ್ಥೆಯಿಂದ 7,000 ಎಕೆ-203 ಕಲಾಶ್ನಿಕೋವ್ ರೈಫಲ್‌ಗಳನ್ನು ಪಡೆದುಕೊಂಡಿದೆ. ಉತ್ತರ ಪ್ರದೇಶದ ಅಮೇಥಿಯ ಕೋರ್ವಾದಲ್ಲಿರುವ ಘಟಕದಲ್ಲಿ ಈ ರೈಫಲ್‌ಗಳನ್ನು ತಯಾರಿಸಲಾಗುತ್ತಿದೆ. ಒಟ್ಟು 6 ಲಕ್ಷ ರೈಫಲ್‌ಗಳನ್ನು 2030ರ ವೇಳೆಗೆ ಪೂರೈಸುವ ಗುರಿ ಹೊಂದಲಾಗಿದೆ. ಈ ರೈಫಲ್‌ಗಳು ಹಳೆಯ ಇನ್ಸಾಸ್ ರೈಫಲ್‌ಗಳ ಸ್ಥಾನವನ್ನು ತುಂಬಲಿವೆ.
ವರ್ಷದಲ್ಲಿ 1.5 ಲಕ್ಷ ಉತ್ಪಾದನೆ:
ಕಾರ್ಖಾನೆಯು ಪ್ರತಿ ವರ್ಷ 1.5 ಲಕ್ಷ ರೈಫಲ್ ಉತ್ಪಾದಿಸುವ ಸಾಮರ್ಥ್ಯ ಹೊಂದಿದೆ. ಪ್ರತಿ ತಿಂಗಳು 12,000 ರೈಫಲ್ ಪೂರೈಕೆ ನಿರೀಕ್ಷಿಸಲಾಗಿದೆ.
❝	ಇರುವರೆಗೆ ಭಾರತೀಯ ಸೇನೆಗೆ ರಷ್ಯಾ ಮಾದರಿಯ ರೈಫಲ್ಸ್ ಕುರಿತು ಯಾವುದೇ ದೂರುಗಳು ಬಂದಿಲ್ಲ.
ಮೇಜರ್ ಜನರಲ್ ಎಸ್.ಕೆ. ಶರ್ಮಾ, ಐಆರ್‌ಆರ್‌ಪಿಎಲ್ ಸಿಇಒ
ಮಡಲಿದೆ. 100 ಸೆಕೆಂಡುಗಳಲ್ಲಿ ಒಂದು ರೈಫಲ್ ತಯಾರಿಸುವ ಸಾಮರ್ಥ್ಯ ಹೊಂದಿದೆ. 2032ರ ಡಿಸೆಂಬರ್ ವೇಳೆಗೆ ಸಂಪೂರ್ಣ ಸ್ವದೇಶೀಕರಣ ಗುರಿ ಹೊಂದಲಾಗಿದೆ. ಪೂರೈಕೆಯ ವೇಗ ಹೆಚ್ಚಿಸಲಾಗಿದೆ.
ಎಕೆ-203 ರೈಫಲ್ಸ್: ಪ್ರಯೋಜನವೇನು?
ಎಕೆ-203 ರೈಫಲ್ಸ್ ಪ್ರಸಿದ್ಧ ಕಲಾಶ್ನಿಕೋವ್ ಸರಣಿಯ ಆಧುನಿಕ ಆವೃತ್ತಿಯಾಗಿದ್ದು, 800 ಮೀಟರ್ ಪರಿಣಾಮಕಾರಿ ವ್ಯಾಪ್ತಿ ಹೊಂದಿದೆ. ನಿಮಿಷಕ್ಕೆ 700 ಸುತ್ತು ಗುಂಡು ಹಾರಿಸುವ ಸಾಮರ್ಥ್ಯವಿದೆ.
